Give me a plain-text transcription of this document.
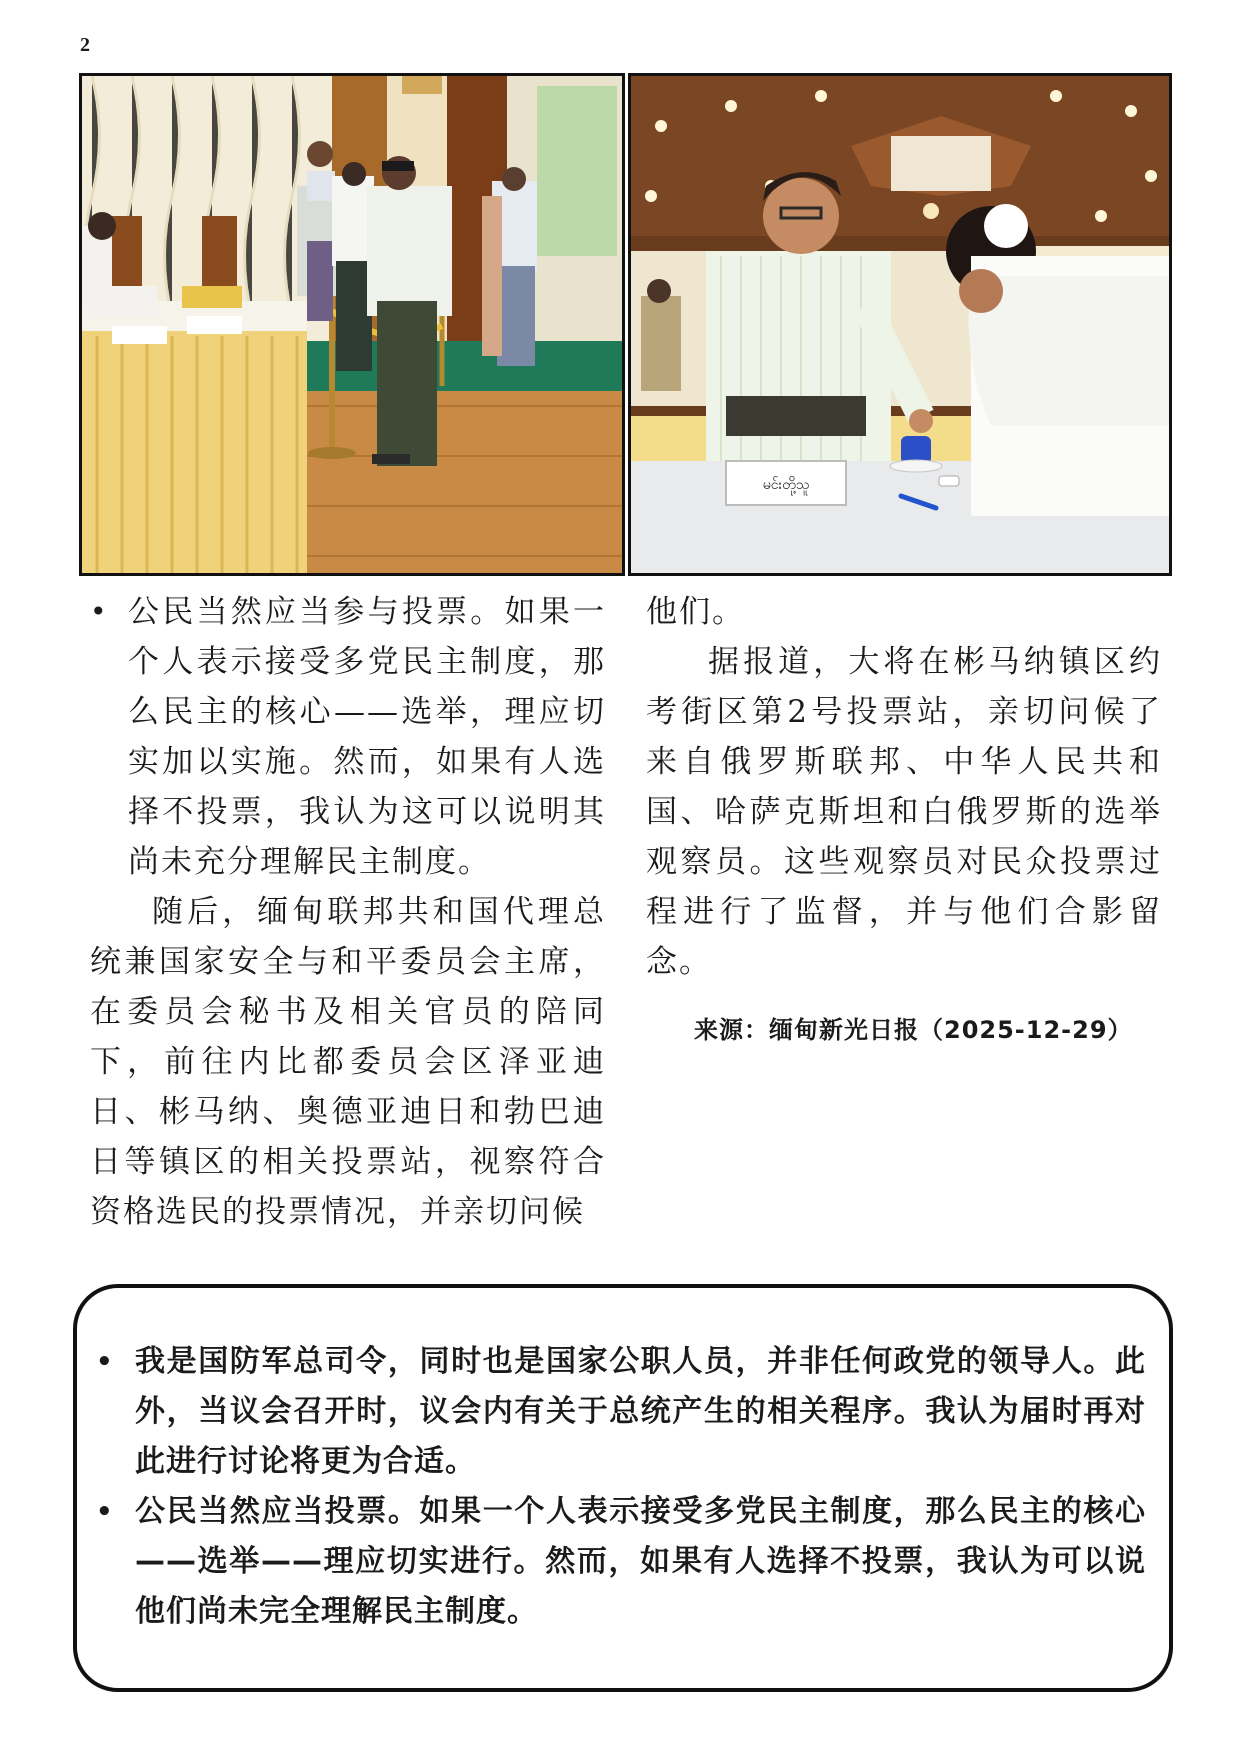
2
မင်းတို့သူ
• 公民当然应当参与投票。如果一个人表示接受多党民主制度，那么民主的核心——选举，理应切实加以实施。然而，如果有人选择不投票，我认为这可以说明其尚未充分理解民主制度。

随后，缅甸联邦共和国代理总统兼国家安全与和平委员会主席，在委员会秘书及相关官员的陪同下，前往内比都委员会区泽亚迪日、彬马纳、奥德亚迪日和勃巴迪日等镇区的相关投票站，视察符合资格选民的投票情况，并亲切问候

他们。

据报道，大将在彬马纳镇区约考街区第2号投票站，亲切问候了来自俄罗斯联邦、中华人民共和国、哈萨克斯坦和白俄罗斯的选举观察员。这些观察员对民众投票过程进行了监督，并与他们合影留念。

来源：缅甸新光日报（2025-12-29）
• 我是国防军总司令，同时也是国家公职人员，并非任何政党的领导人。此外，当议会召开时，议会内有关于总统产生的相关程序。我认为届时再对此进行讨论将更为合适。
• 公民当然应当投票。如果一个人表示接受多党民主制度，那么民主的核心——选举——理应切实进行。然而，如果有人选择不投票，我认为可以说他们尚未完全理解民主制度。
